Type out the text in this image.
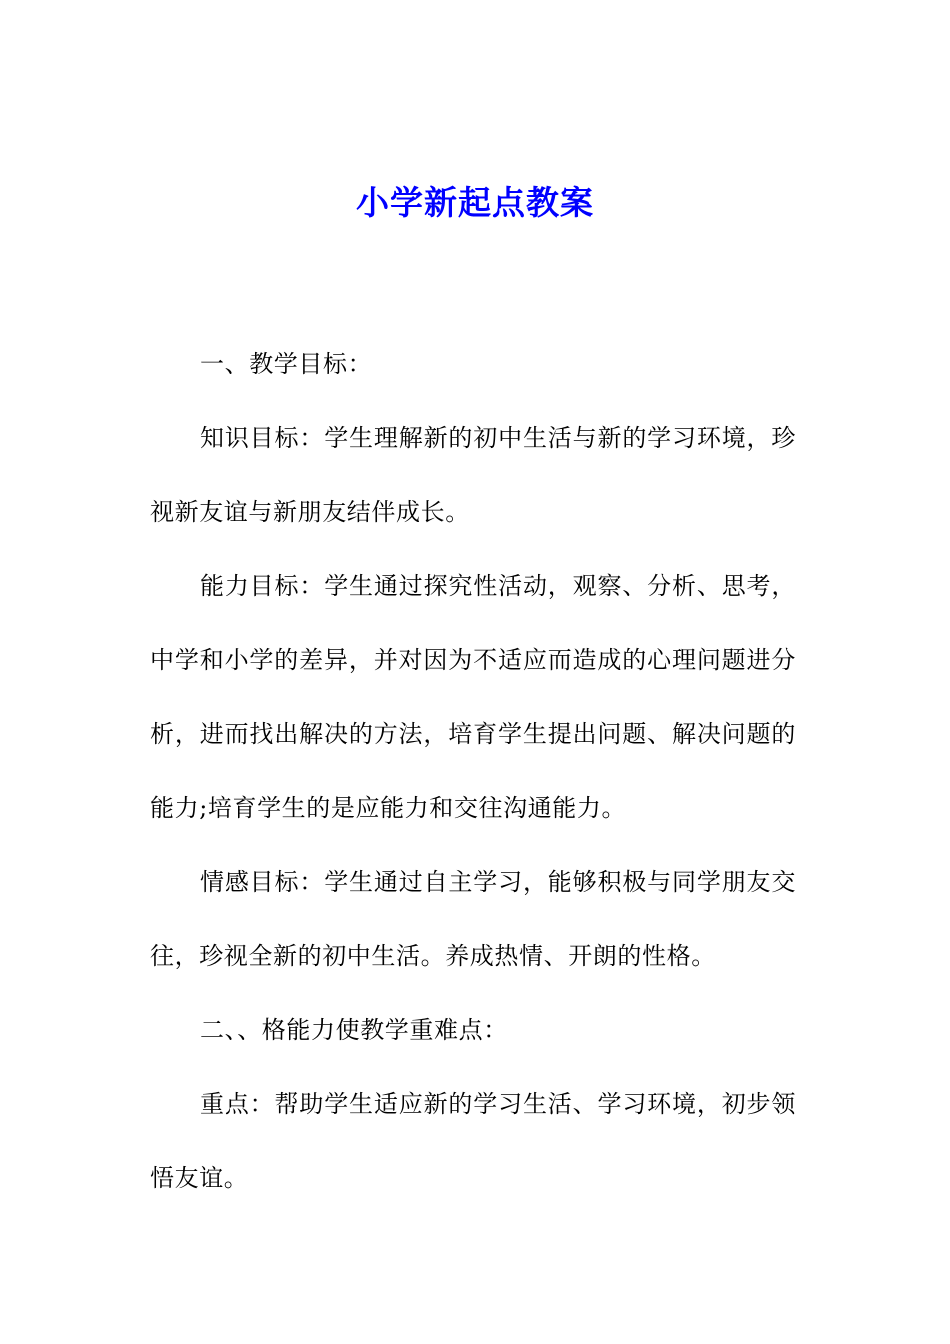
小学新起点教案

一、教学目标：

知识目标：学生理解新的初中生活与新的学习环境，珍视新友谊与新朋友结伴成长。

能力目标：学生通过探究性活动，观察、分析、思考，中学和小学的差异，并对因为不适应而造成的心理问题进分析，进而找出解决的方法，培育学生提出问题、解决问题的能力;培育学生的是应能力和交往沟通能力。

情感目标：学生通过自主学习，能够积极与同学朋友交往，珍视全新的初中生活。养成热情、开朗的性格。

二、、格能力使教学重难点：

重点：帮助学生适应新的学习生活、学习环境，初步领悟友谊。
